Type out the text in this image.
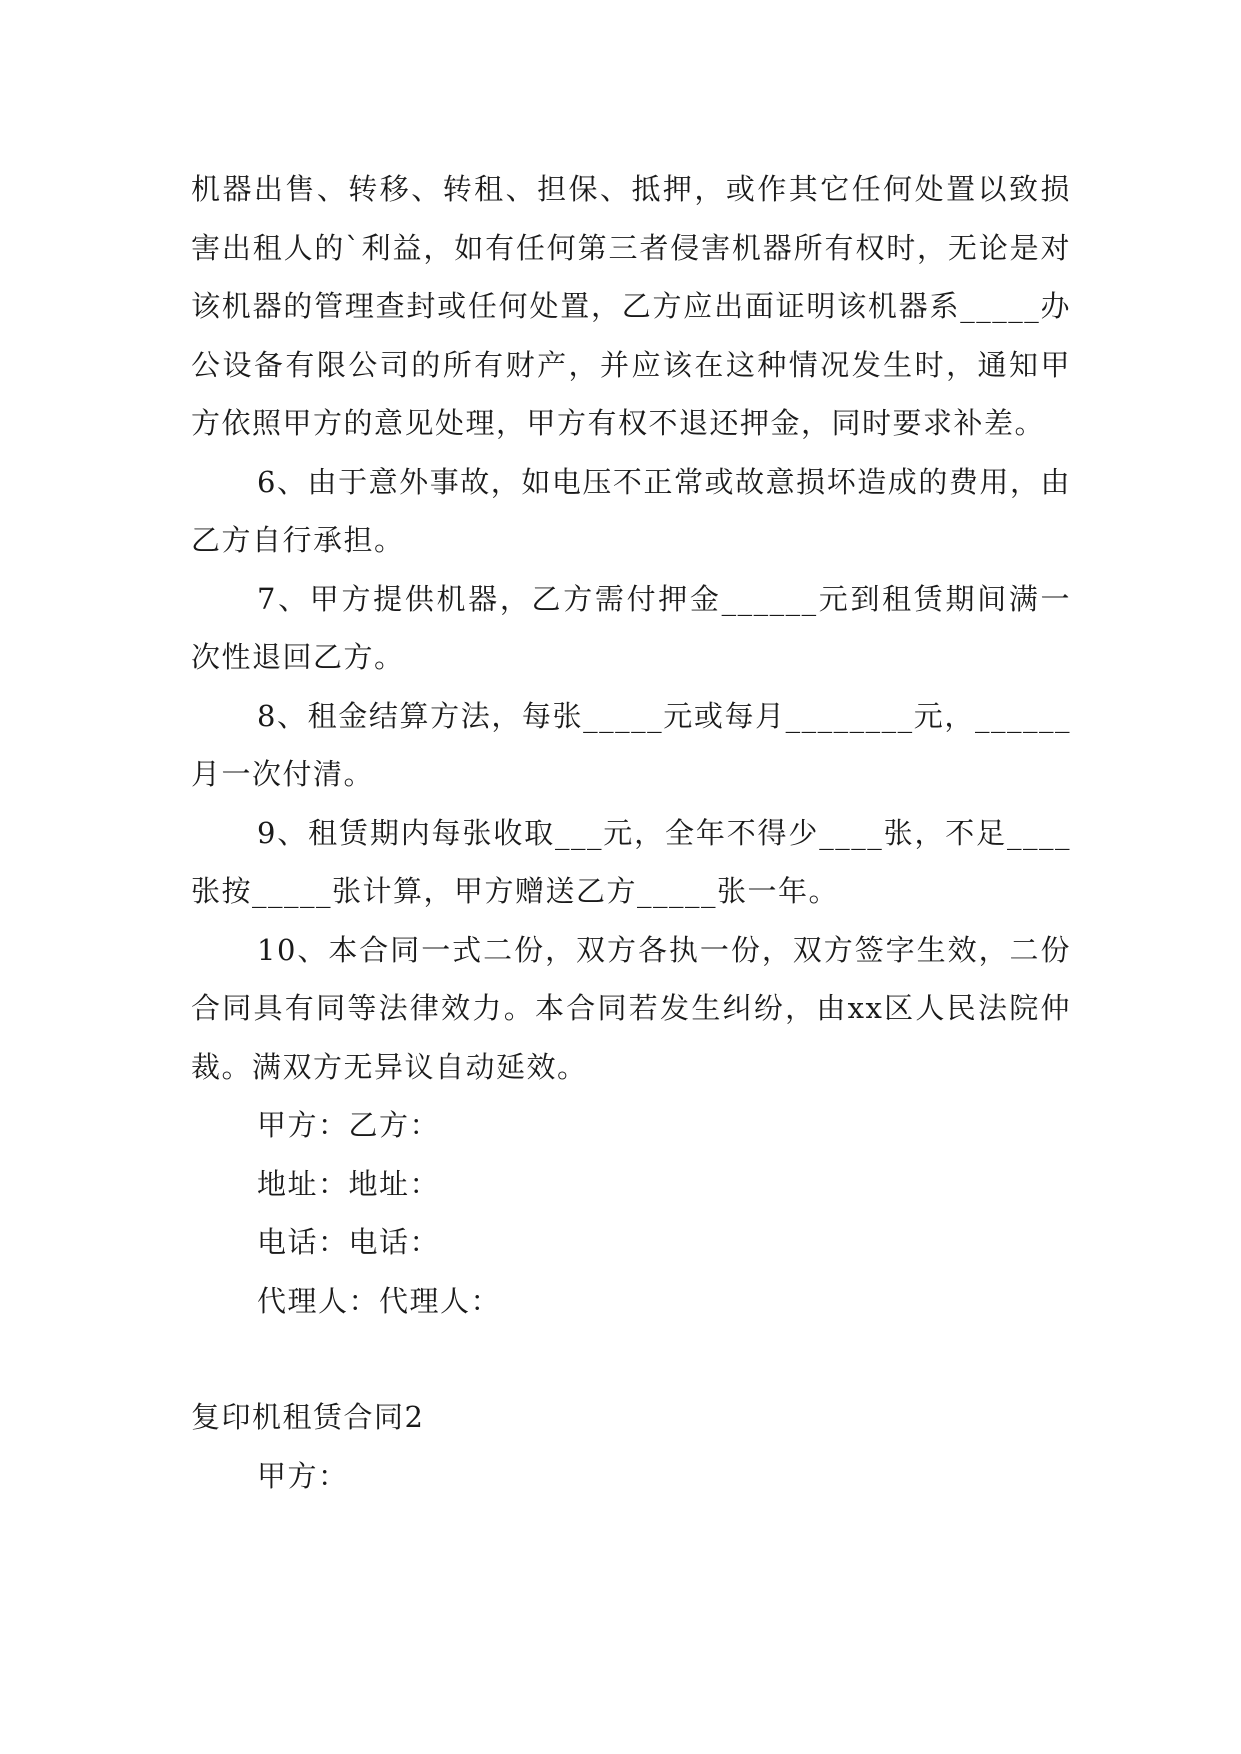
机器出售、转移、转租、担保、抵押，或作其它任何处置以致损害出租人的`利益，如有任何第三者侵害机器所有权时，无论是对该机器的管理查封或任何处置，乙方应出面证明该机器系_____办公设备有限公司的所有财产，并应该在这种情况发生时，通知甲方依照甲方的意见处理，甲方有权不退还押金，同时要求补差。

6、由于意外事故，如电压不正常或故意损坏造成的费用，由乙方自行承担。

7、甲方提供机器，乙方需付押金______元到租赁期间满一次性退回乙方。

8、租金结算方法，每张_____元或每月________元，______月一次付清。

9、租赁期内每张收取___元，全年不得少____张，不足____张按_____张计算，甲方赠送乙方_____张一年。

10、本合同一式二份，双方各执一份，双方签字生效，二份合同具有同等法律效力。本合同若发生纠纷，由xx区人民法院仲裁。满双方无异议自动延效。

甲方：乙方：

地址：地址：

电话：电话：

代理人：代理人：

复印机租赁合同2

甲方：
